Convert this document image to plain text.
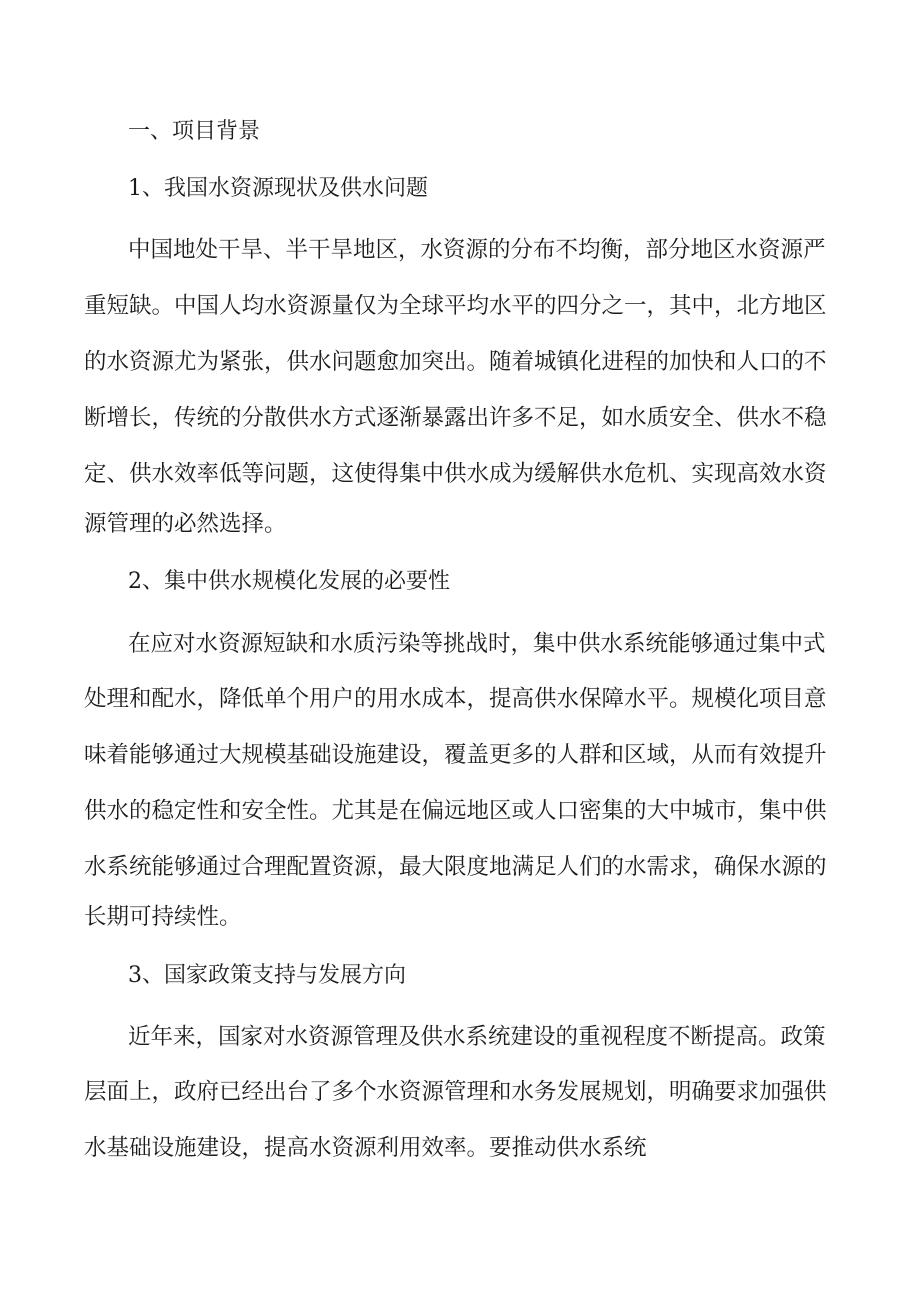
一、项目背景
1、我国水资源现状及供水问题
中国地处干旱、半干旱地区，水资源的分布不均衡，部分地区水资源严
重短缺。中国人均水资源量仅为全球平均水平的四分之一，其中，北方地区
的水资源尤为紧张，供水问题愈加突出。随着城镇化进程的加快和人口的不
断增长，传统的分散供水方式逐渐暴露出许多不足，如水质安全、供水不稳
定、供水效率低等问题，这使得集中供水成为缓解供水危机、实现高效水资
源管理的必然选择。
2、集中供水规模化发展的必要性
在应对水资源短缺和水质污染等挑战时，集中供水系统能够通过集中式
处理和配水，降低单个用户的用水成本，提高供水保障水平。规模化项目意
味着能够通过大规模基础设施建设，覆盖更多的人群和区域，从而有效提升
供水的稳定性和安全性。尤其是在偏远地区或人口密集的大中城市，集中供
水系统能够通过合理配置资源，最大限度地满足人们的水需求，确保水源的
长期可持续性。
3、国家政策支持与发展方向
近年来，国家对水资源管理及供水系统建设的重视程度不断提高。政策
层面上，政府已经出台了多个水资源管理和水务发展规划，明确要求加强供
水基础设施建设，提高水资源利用效率。要推动供水系统
